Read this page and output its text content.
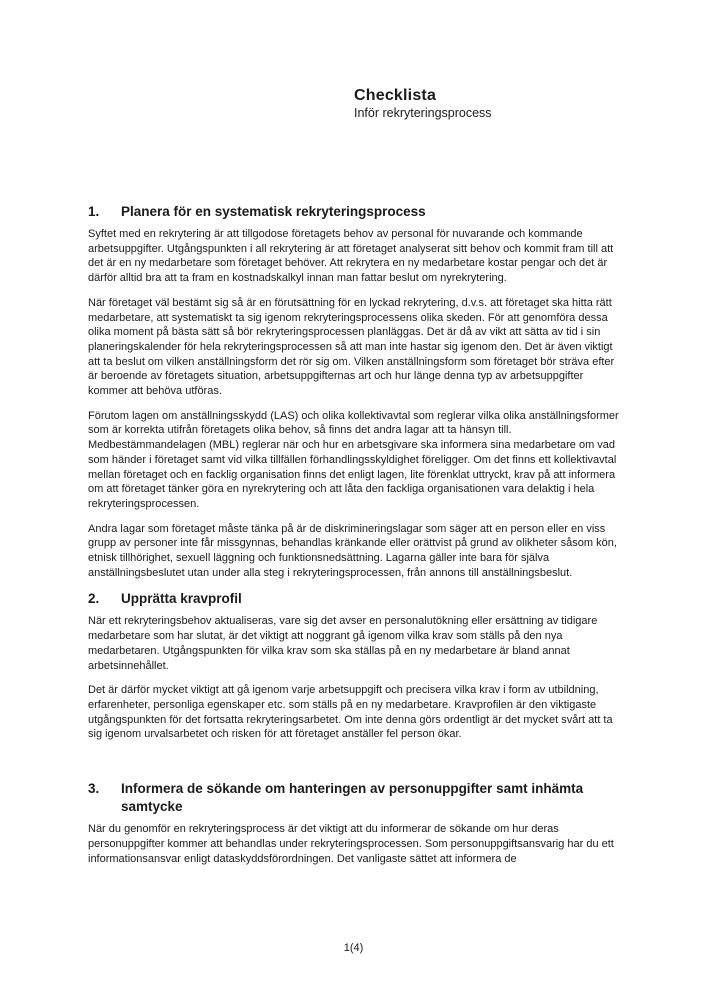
Checklista
Inför rekryteringsprocess
1.	Planera för en systematisk rekryteringsprocess

Syftet med en rekrytering är att tillgodose företagets behov av personal för nuvarande och kommande arbetsuppgifter. Utgångspunkten i all rekrytering är att företaget analyserat sitt behov och kommit fram till att det är en ny medarbetare som företaget behöver. Att rekrytera en ny medarbetare kostar pengar och det är därför alltid bra att ta fram en kostnadskalkyl innan man fattar beslut om nyrekrytering.

När företaget väl bestämt sig så är en förutsättning för en lyckad rekrytering, d.v.s. att företaget ska hitta rätt medarbetare, att systematiskt ta sig igenom rekryteringsprocessens olika skeden. För att genomföra dessa olika moment på bästa sätt så bör rekryteringsprocessen planläggas. Det är då av vikt att sätta av tid i sin planeringskalender för hela rekryteringsprocessen så att man inte hastar sig igenom den. Det är även viktigt att ta beslut om vilken anställningsform det rör sig om. Vilken anställningsform som företaget bör sträva efter är beroende av företagets situation, arbetsuppgifternas art och hur länge denna typ av arbetsuppgifter kommer att behöva utföras.

Förutom lagen om anställningsskydd (LAS) och olika kollektivavtal som reglerar vilka olika anställningsformer som är korrekta utifrån företagets olika behov, så finns det andra lagar att ta hänsyn till. Medbestämmandelagen (MBL) reglerar när och hur en arbetsgivare ska informera sina medarbetare om vad som händer i företaget samt vid vilka tillfällen förhandlingsskyldighet föreligger. Om det finns ett kollektivavtal mellan företaget och en facklig organisation finns det enligt lagen, lite förenklat uttryckt, krav på att informera om att företaget tänker göra en nyrekrytering och att låta den fackliga organisationen vara delaktig i hela rekryteringsprocessen.

Andra lagar som företaget måste tänka på är de diskrimineringslagar som säger att en person eller en viss grupp av personer inte får missgynnas, behandlas kränkande eller orättvist på grund av olikheter såsom kön, etnisk tillhörighet, sexuell läggning och funktionsnedsättning. Lagarna gäller inte bara för själva anställningsbeslutet utan under alla steg i rekryteringsprocessen, från annons till anställningsbeslut.

2.	Upprätta kravprofil

När ett rekryteringsbehov aktualiseras, vare sig det avser en personalutökning eller ersättning av tidigare medarbetare som har slutat, är det viktigt att noggrant gå igenom vilka krav som ställs på den nya medarbetaren. Utgångspunkten för vilka krav som ska ställas på en ny medarbetare är bland annat arbetsinnehållet.

Det är därför mycket viktigt att gå igenom varje arbetsuppgift och precisera vilka krav i form av utbildning, erfarenheter, personliga egenskaper etc. som ställs på en ny medarbetare. Kravprofilen är den viktigaste utgångspunkten för det fortsatta rekryteringsarbetet. Om inte denna görs ordentligt är det mycket svårt att ta sig igenom urvalsarbetet och risken för att företaget anställer fel person ökar.

3.	Informera de sökande om hanteringen av personuppgifter samt inhämta samtycke

När du genomför en rekryteringsprocess är det viktigt att du informerar de sökande om hur deras personuppgifter kommer att behandlas under rekryteringsprocessen. Som personuppgiftsansvarig har du ett informationsansvar enligt dataskyddsförordningen. Det vanligaste sättet att informera de

1(4)
